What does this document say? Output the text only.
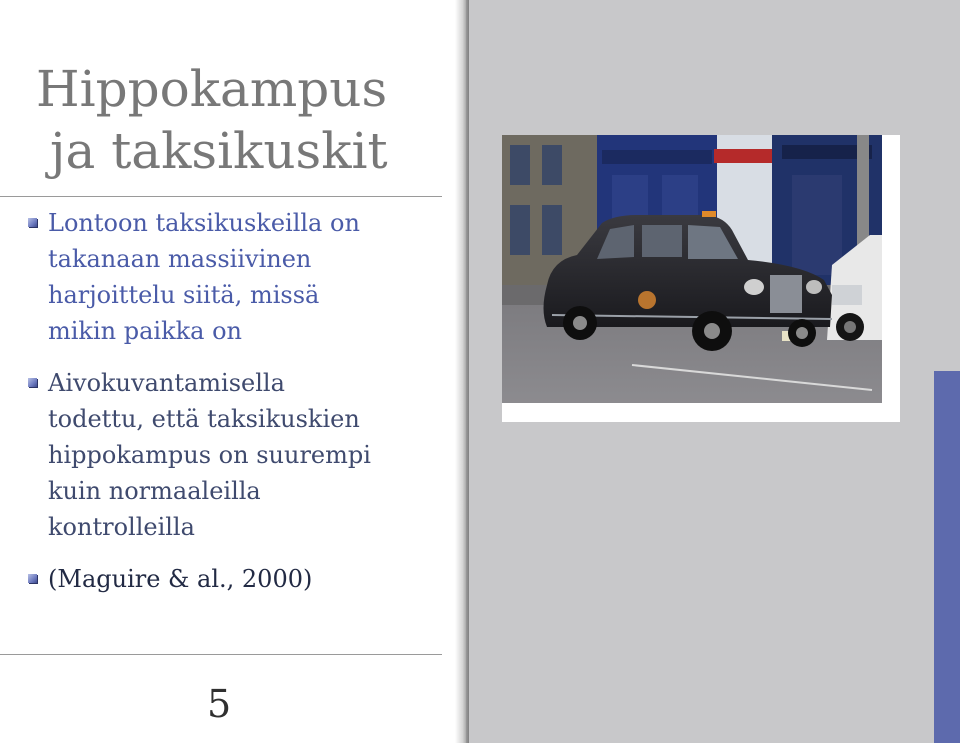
Hippokampus
ja taksikuskit
Lontoon taksikuskeilla on
takanaan massiivinen
harjoittelu siitä, missä
mikin paikka on
Aivokuvantamisella
todettu, että taksikuskien
hippokampus on suurempi
kuin normaaleilla
kontrolleilla
(Maguire & al., 2000)
5
